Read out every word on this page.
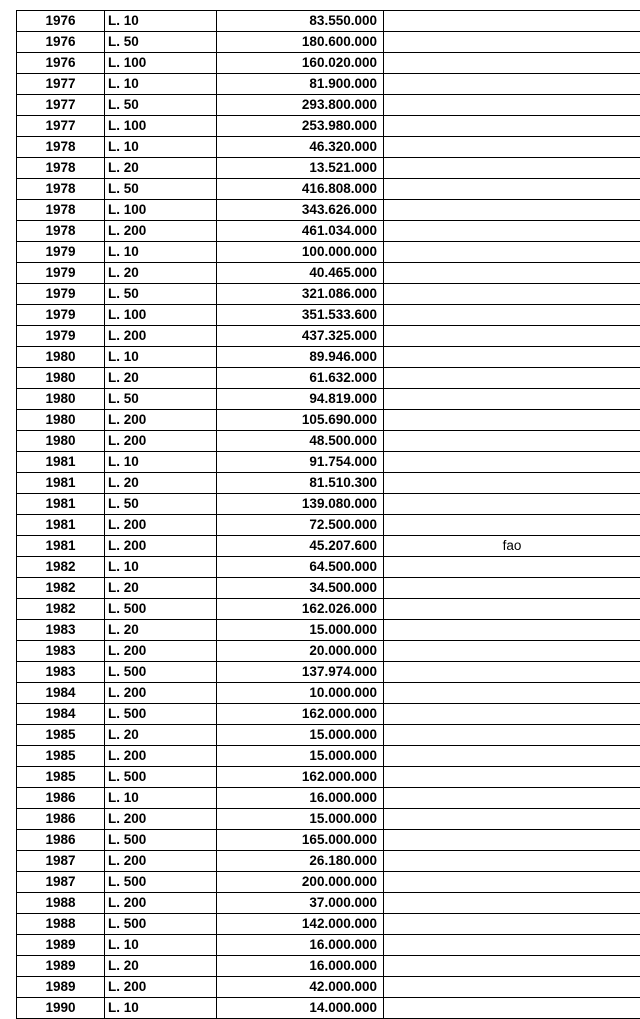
1976	L. 10	83.550.000		
1976	L. 50	180.600.000		
1976	L. 100	160.020.000		
1977	L. 10	81.900.000		
1977	L. 50	293.800.000		
1977	L. 100	253.980.000		
1978	L. 10	46.320.000		
1978	L. 20	13.521.000		
1978	L. 50	416.808.000		
1978	L. 100	343.626.000		
1978	L. 200	461.034.000		
1979	L. 10	100.000.000		
1979	L. 20	40.465.000		
1979	L. 50	321.086.000		
1979	L. 100	351.533.600		
1979	L. 200	437.325.000		
1980	L. 10	89.946.000		
1980	L. 20	61.632.000		
1980	L. 50	94.819.000		
1980	L. 200	105.690.000		
1980	L. 200	48.500.000		
1981	L. 10	91.754.000		
1981	L. 20	81.510.300		
1981	L. 50	139.080.000		
1981	L. 200	72.500.000		
1981	L. 200	45.207.600	fao	
1982	L. 10	64.500.000		
1982	L. 20	34.500.000		
1982	L. 500	162.026.000		
1983	L. 20	15.000.000		
1983	L. 200	20.000.000		
1983	L. 500	137.974.000		
1984	L. 200	10.000.000		
1984	L. 500	162.000.000		
1985	L. 20	15.000.000		
1985	L. 200	15.000.000		
1985	L. 500	162.000.000		
1986	L. 10	16.000.000		
1986	L. 200	15.000.000		
1986	L. 500	165.000.000		
1987	L. 200	26.180.000		
1987	L. 500	200.000.000		
1988	L. 200	37.000.000		
1988	L. 500	142.000.000		
1989	L. 10	16.000.000		
1989	L. 20	16.000.000		
1989	L. 200	42.000.000		
1990	L. 10	14.000.000		
